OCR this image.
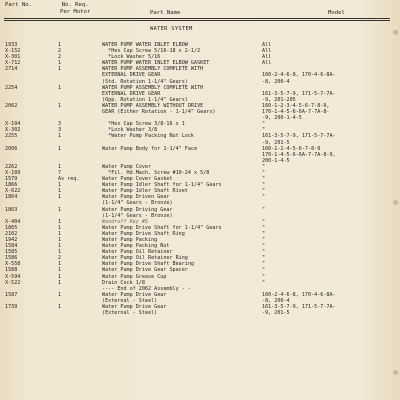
Part No.	No. Req.
Per Motor	Part Name	Model
WATER SYSTEM
1933	1	WATER PUMP WATER INLET ELBOW	All
X-152	2	*Hex Cap Screw 5/16-18 x 2-1/2	All
X-301	2	*Lock Washer 5/16	All
X-712	1	WATER PUMP WATER INLET ELBOW GASKET	All
2714	1	WATER PUMP ASSEMBLY COMPLETE WITH
EXTERNAL DRIVE GEAR	160-2-4-6-8, 170-4-6-8A-
(Std. Rotation 1-1/4" Gears)	-8, 200-4
2254	1	WATER PUMP ASSEMBLY COMPLETE WITH
EXTERNAL DRIVE GEAR	161-3-5-7-9, 171-5-7-7A-
(Opp. Rotation 1-1/4" Gears)	-9, 201-205
2062	1	WATER PUMP ASSEMBLY WITHOUT DRIVE	160-1-2-3-4-5-6-7-8-9,
GEAR (Either Rotation - 1-1/4" Gears)	170-1-4-5-6-6A-7-7A-8-
-9, 200-1-4-5
X-104	3	*Hex Cap Screw 3/8-16 x 1	"
X-302	3	*Lock Washer 3/8	"
2255	1	*Water Pump Packing Nut Lock	161-3-5-7-9, 171-5-7-7A-
-9, 201-5
2006	1	Water Pump Body for 1-1/4" Face	160-1-2-4-5-6-7-8-9
170-1-4-5-6-6A-7-7A-8-9,
200-1-4-5
2262	1	Water Pump Cover	"
X-109	7	*Fil. Hd.Mach. Screw #10-24 x 5/8	"
1579	As req.	Water Pump Cover Gasket	"
1866	1	Water Pump Idler Shaft for 1-1/4" Gears	"
X-622	1	Water Pump Idler Shaft Rivet	"
1864	1	Water Pump Driven Gear	"
(1-1/4" Gears - Bronze)
1863	1	Water Pump Driving Gear	"
(1-1/4" Gears - Bronze)
X-404	1	Woodruff Key #5	"
1865	1	Water Pump Drive Shaft for 1-1/4" Gears	"
2102	1	Water Pump Drive Shaft Ring	"
1942	1	Water Pump Packing	"
1584	1	Water Pump Packing Nut	"
1585	1	Water Pump Oil Retainer	"
1586	2	Water Pump Oil Retainer Ring	"
X-558	1	Water Pump Drive Shaft Bearing	"
1588	1	Water Pump Drive Gear Spacer	"
X-594	1	Water Pump Grease Cup	"
X-522	1	Drain Cock 1/8	"
---- End of 2062 Assembly - -
1587	1	Water Pump Drive Gear	160-2-4-6-8, 170-4-6-8A-
(External - Steel)	-8, 200-4
1739	1	Water Pump Drive Gear	161-3-5-7-9, 171-5-7-7A-
(External - Steel)	-9, 201-5
